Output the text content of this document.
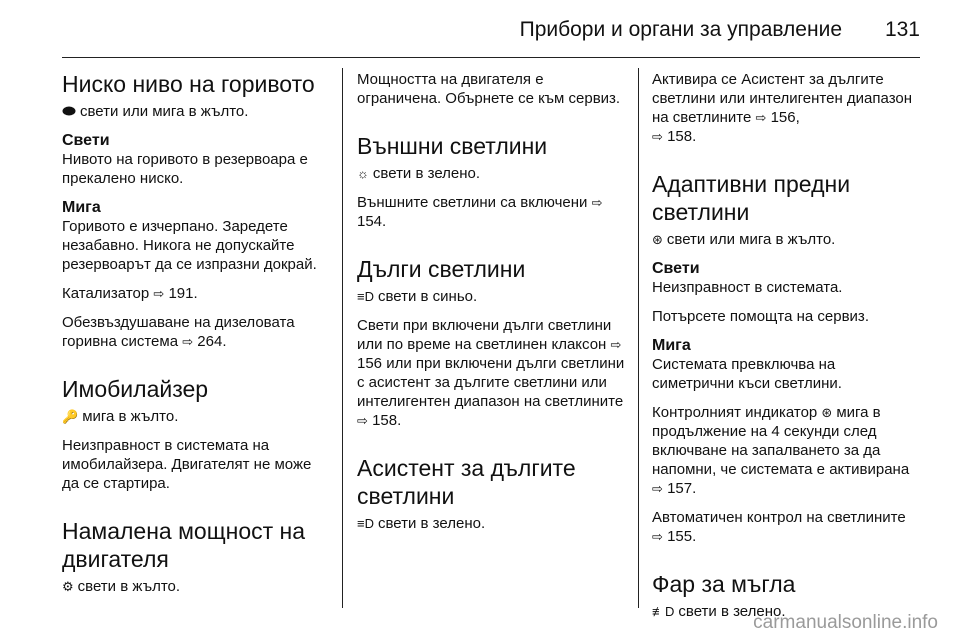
Прибори и органи за управление 131
Ниско ниво на горивото

свети или мига в жълто.

Свети

Нивото на горивото в резервоара е прекалено ниско.

Мига

Горивото е изчерпано. Заредете незабавно. Никога не допускайте резервоарът да се изпразни докрай.

Катализатор ⇨ 191.

Обезвъздушаване на дизеловата горивна система ⇨ 264.

Имобилайзер

🔑 мига в жълто.

Неизправност в системата на имобилайзера. Двигателят не може да се стартира.

Намалена мощност на двигателя

⚙ свети в жълто.

Мощността на двигателя е ограничена. Обърнете се към сервиз.

Външни светлини

☼ свети в зелено.

Външните светлини са включени ⇨ 154.

Дълги светлини

≡D свети в синьо.

Свети при включени дълги светлини или по време на светлинен клаксон ⇨ 156 или при включени дълги светлини с асистент за дългите светлини или интелигентен диапазон на светлините ⇨ 158.

Асистент за дългите светлини

≡D свети в зелено.

Активира се Асистент за дългите светлини или интелигентен диапазон на светлините ⇨ 156,
⇨ 158.

Адаптивни предни светлини

⊛ свети или мига в жълто.

Свети

Неизправност в системата.

Потърсете помощта на сервиз.

Мига

Системата превключва на симетрични къси светлини.

Контролният индикатор ⊛ мига в продължение на 4 секунди след включване на запалването за да напомни, че системата е активирана ⇨ 157.

Автоматичен контрол на светлините ⇨ 155.

Фар за мъгла

≢D свети в зелено.

carmanualsonline.info
